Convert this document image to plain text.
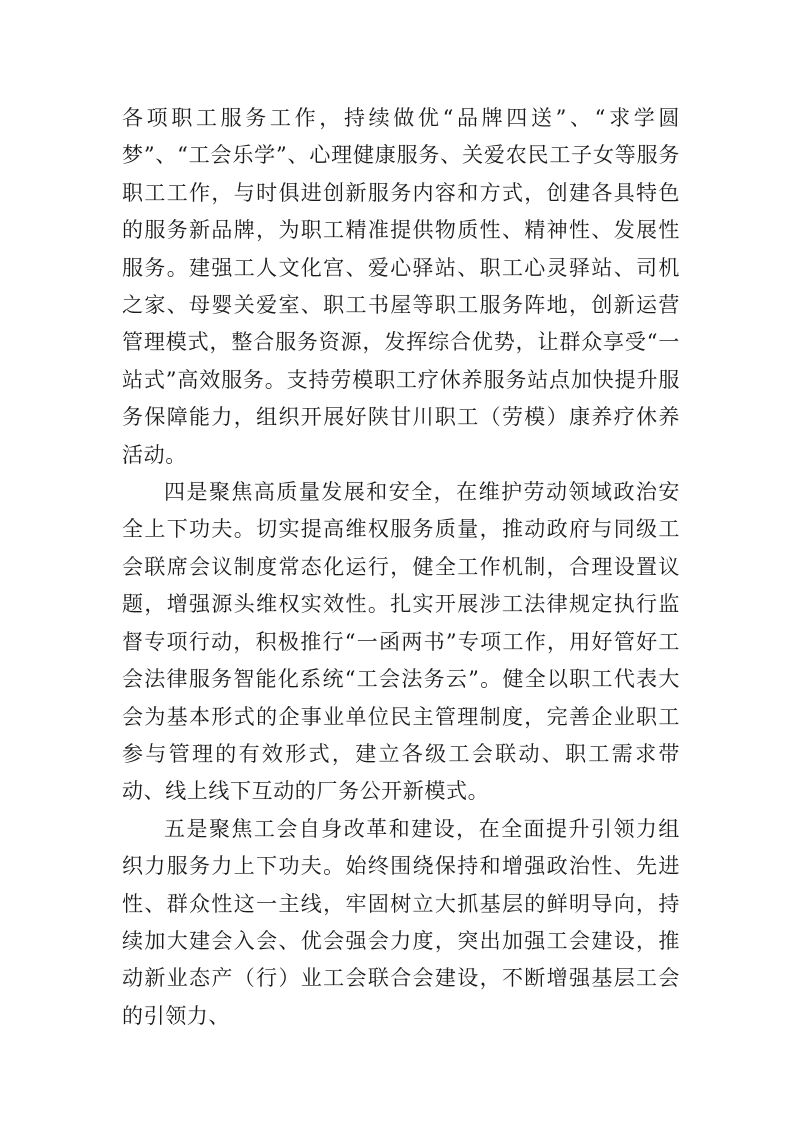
各项职工服务工作，持续做优“品牌四送”、“求学圆梦”、“工会乐学”、心理健康服务、关爱农民工子女等服务职工工作，与时俱进创新服务内容和方式，创建各具特色的服务新品牌，为职工精准提供物质性、精神性、发展性服务。建强工人文化宫、爱心驿站、职工心灵驿站、司机之家、母婴关爱室、职工书屋等职工服务阵地，创新运营管理模式，整合服务资源，发挥综合优势，让群众享受“一站式”高效服务。支持劳模职工疗休养服务站点加快提升服务保障能力，组织开展好陕甘川职工（劳模）康养疗休养活动。

四是聚焦高质量发展和安全，在维护劳动领域政治安全上下功夫。切实提高维权服务质量，推动政府与同级工会联席会议制度常态化运行，健全工作机制，合理设置议题，增强源头维权实效性。扎实开展涉工法律规定执行监督专项行动，积极推行“一函两书”专项工作，用好管好工会法律服务智能化系统“工会法务云”。健全以职工代表大会为基本形式的企事业单位民主管理制度，完善企业职工参与管理的有效形式，建立各级工会联动、职工需求带动、线上线下互动的厂务公开新模式。

五是聚焦工会自身改革和建设，在全面提升引领力组织力服务力上下功夫。始终围绕保持和增强政治性、先进性、群众性这一主线，牢固树立大抓基层的鲜明导向，持续加大建会入会、优会强会力度，突出加强工会建设，推动新业态产（行）业工会联合会建设，不断增强基层工会的引领力、
